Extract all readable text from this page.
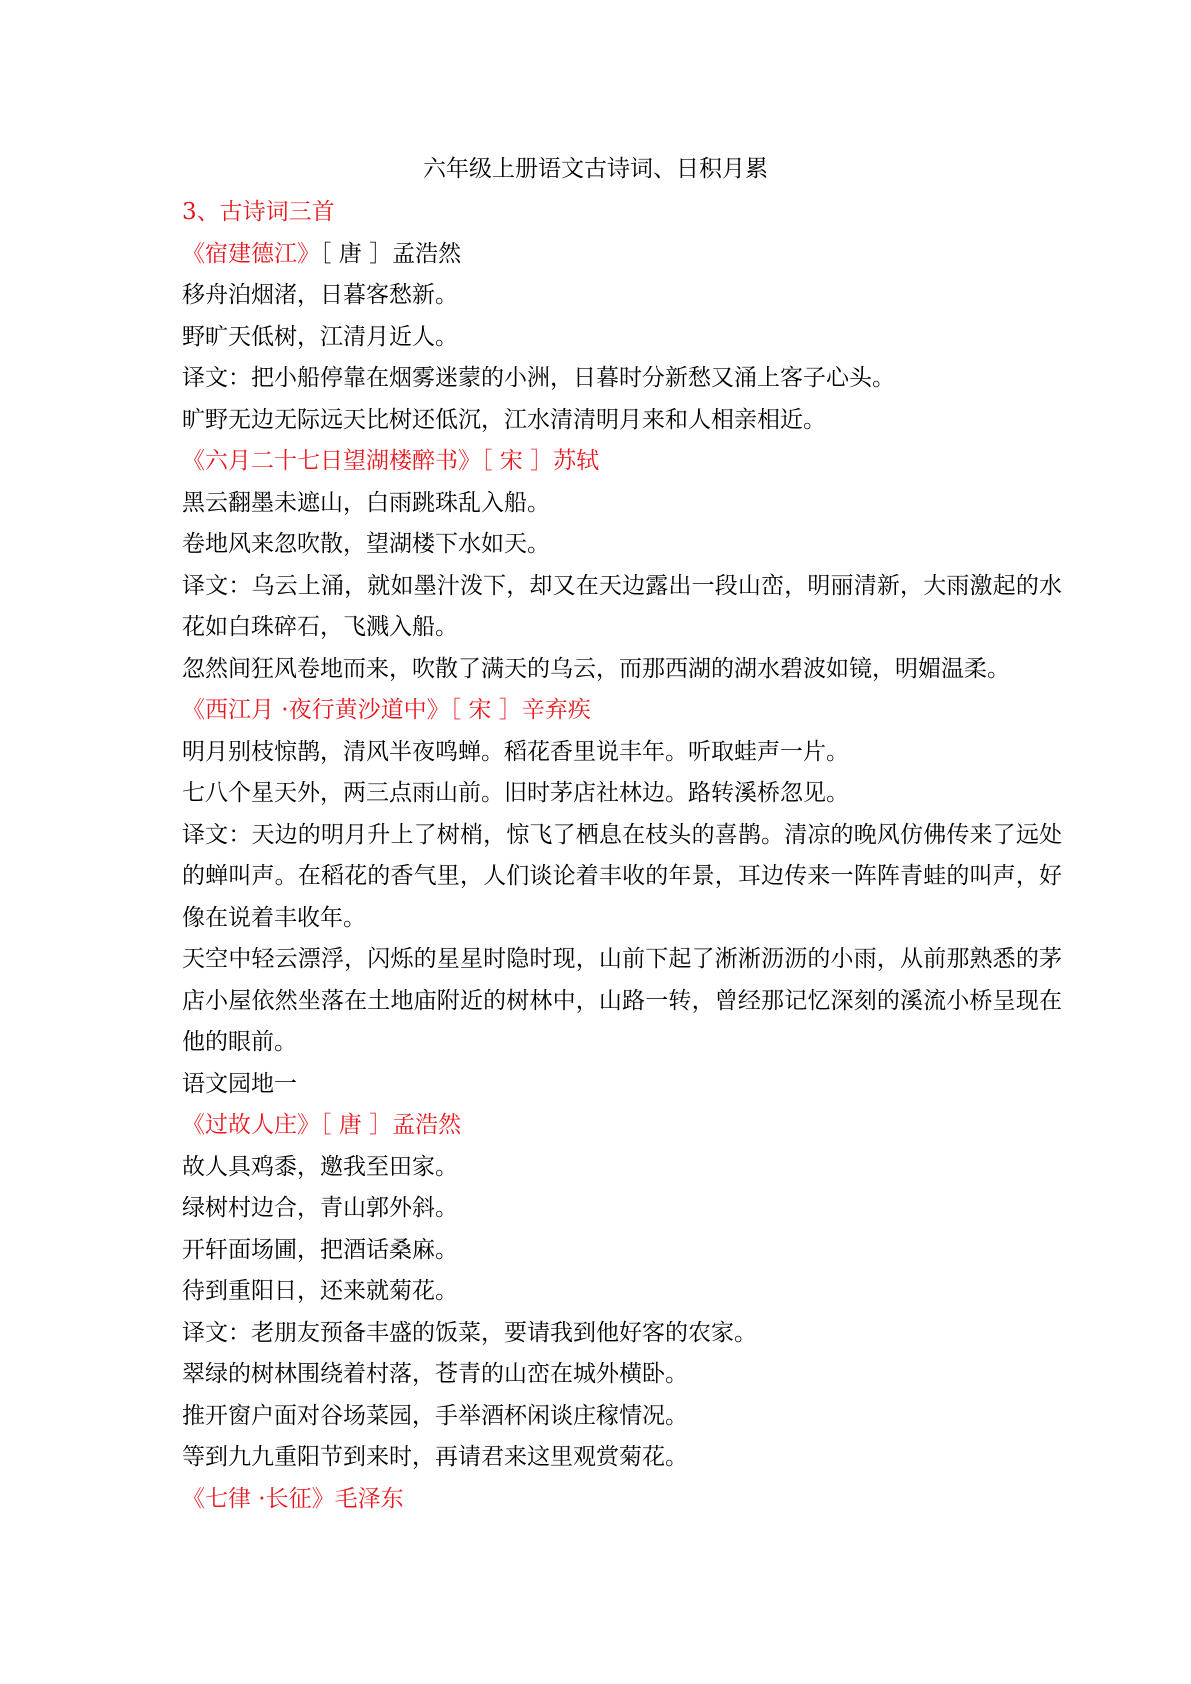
六年级上册语文古诗词、日积月累

3、古诗词三首

《宿建德江》［ 唐 ］孟浩然

移舟泊烟渚，日暮客愁新。

野旷天低树，江清月近人。

译文：把小船停靠在烟雾迷蒙的小洲，日暮时分新愁又涌上客子心头。

旷野无边无际远天比树还低沉，江水清清明月来和人相亲相近。

《六月二十七日望湖楼醉书》［ 宋 ］苏轼

黑云翻墨未遮山，白雨跳珠乱入船。

卷地风来忽吹散，望湖楼下水如天。

译文：乌云上涌，就如墨汁泼下，却又在天边露出一段山峦，明丽清新，大雨激起的水花如白珠碎石，飞溅入船。

忽然间狂风卷地而来，吹散了满天的乌云，而那西湖的湖水碧波如镜，明媚温柔。

《西江月 ·夜行黄沙道中》［ 宋 ］辛弃疾

明月别枝惊鹊，清风半夜鸣蝉。稻花香里说丰年。听取蛙声一片。

七八个星天外，两三点雨山前。旧时茅店社林边。路转溪桥忽见。

译文：天边的明月升上了树梢，惊飞了栖息在枝头的喜鹊。清凉的晚风仿佛传来了远处的蝉叫声。在稻花的香气里，人们谈论着丰收的年景，耳边传来一阵阵青蛙的叫声，好像在说着丰收年。

天空中轻云漂浮，闪烁的星星时隐时现，山前下起了淅淅沥沥的小雨，从前那熟悉的茅店小屋依然坐落在土地庙附近的树林中，山路一转，曾经那记忆深刻的溪流小桥呈现在他的眼前。

语文园地一

《过故人庄》［ 唐 ］孟浩然

故人具鸡黍，邀我至田家。

绿树村边合，青山郭外斜。

开轩面场圃，把酒话桑麻。

待到重阳日，还来就菊花。

译文：老朋友预备丰盛的饭菜，要请我到他好客的农家。

翠绿的树林围绕着村落，苍青的山峦在城外横卧。

推开窗户面对谷场菜园，手举酒杯闲谈庄稼情况。

等到九九重阳节到来时，再请君来这里观赏菊花。

《七律 ·长征》毛泽东
